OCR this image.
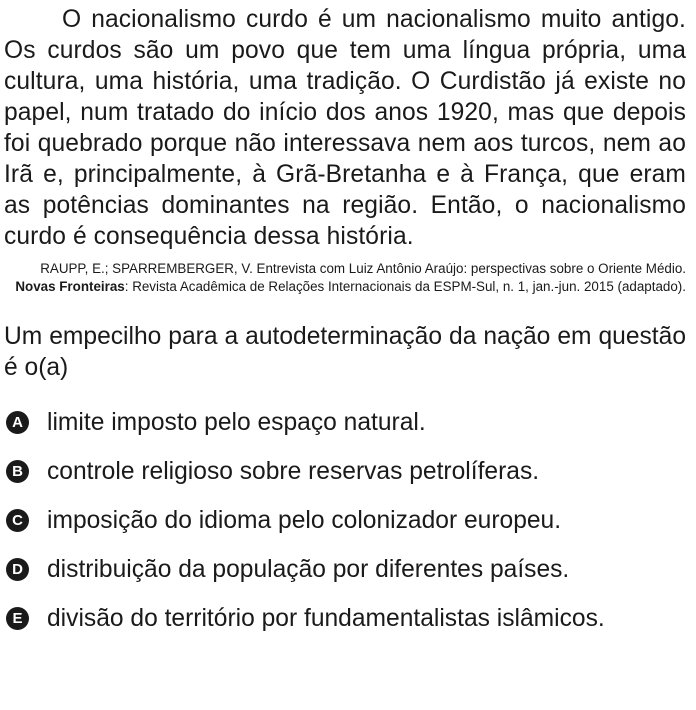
O nacionalismo curdo é um nacionalismo muito antigo. Os curdos são um povo que tem uma língua própria, uma cultura, uma história, uma tradição. O Curdistão já existe no papel, num tratado do início dos anos 1920, mas que depois foi quebrado porque não interessava nem aos turcos, nem ao Irã e, principalmente, à Grã-Bretanha e à França, que eram as potências dominantes na região. Então, o nacionalismo curdo é consequência dessa história.

RAUPP, E.; SPARREMBERGER, V. Entrevista com Luiz Antônio Araújo: perspectivas sobre o Oriente Médio. Novas Fronteiras: Revista Acadêmica de Relações Internacionais da ESPM-Sul, n. 1, jan.-jun. 2015 (adaptado).

Um empecilho para a autodeterminação da nação em questão é o(a)

A limite imposto pelo espaço natural.
B controle religioso sobre reservas petrolíferas.
C imposição do idioma pelo colonizador europeu.
D distribuição da população por diferentes países.
E divisão do território por fundamentalistas islâmicos.
